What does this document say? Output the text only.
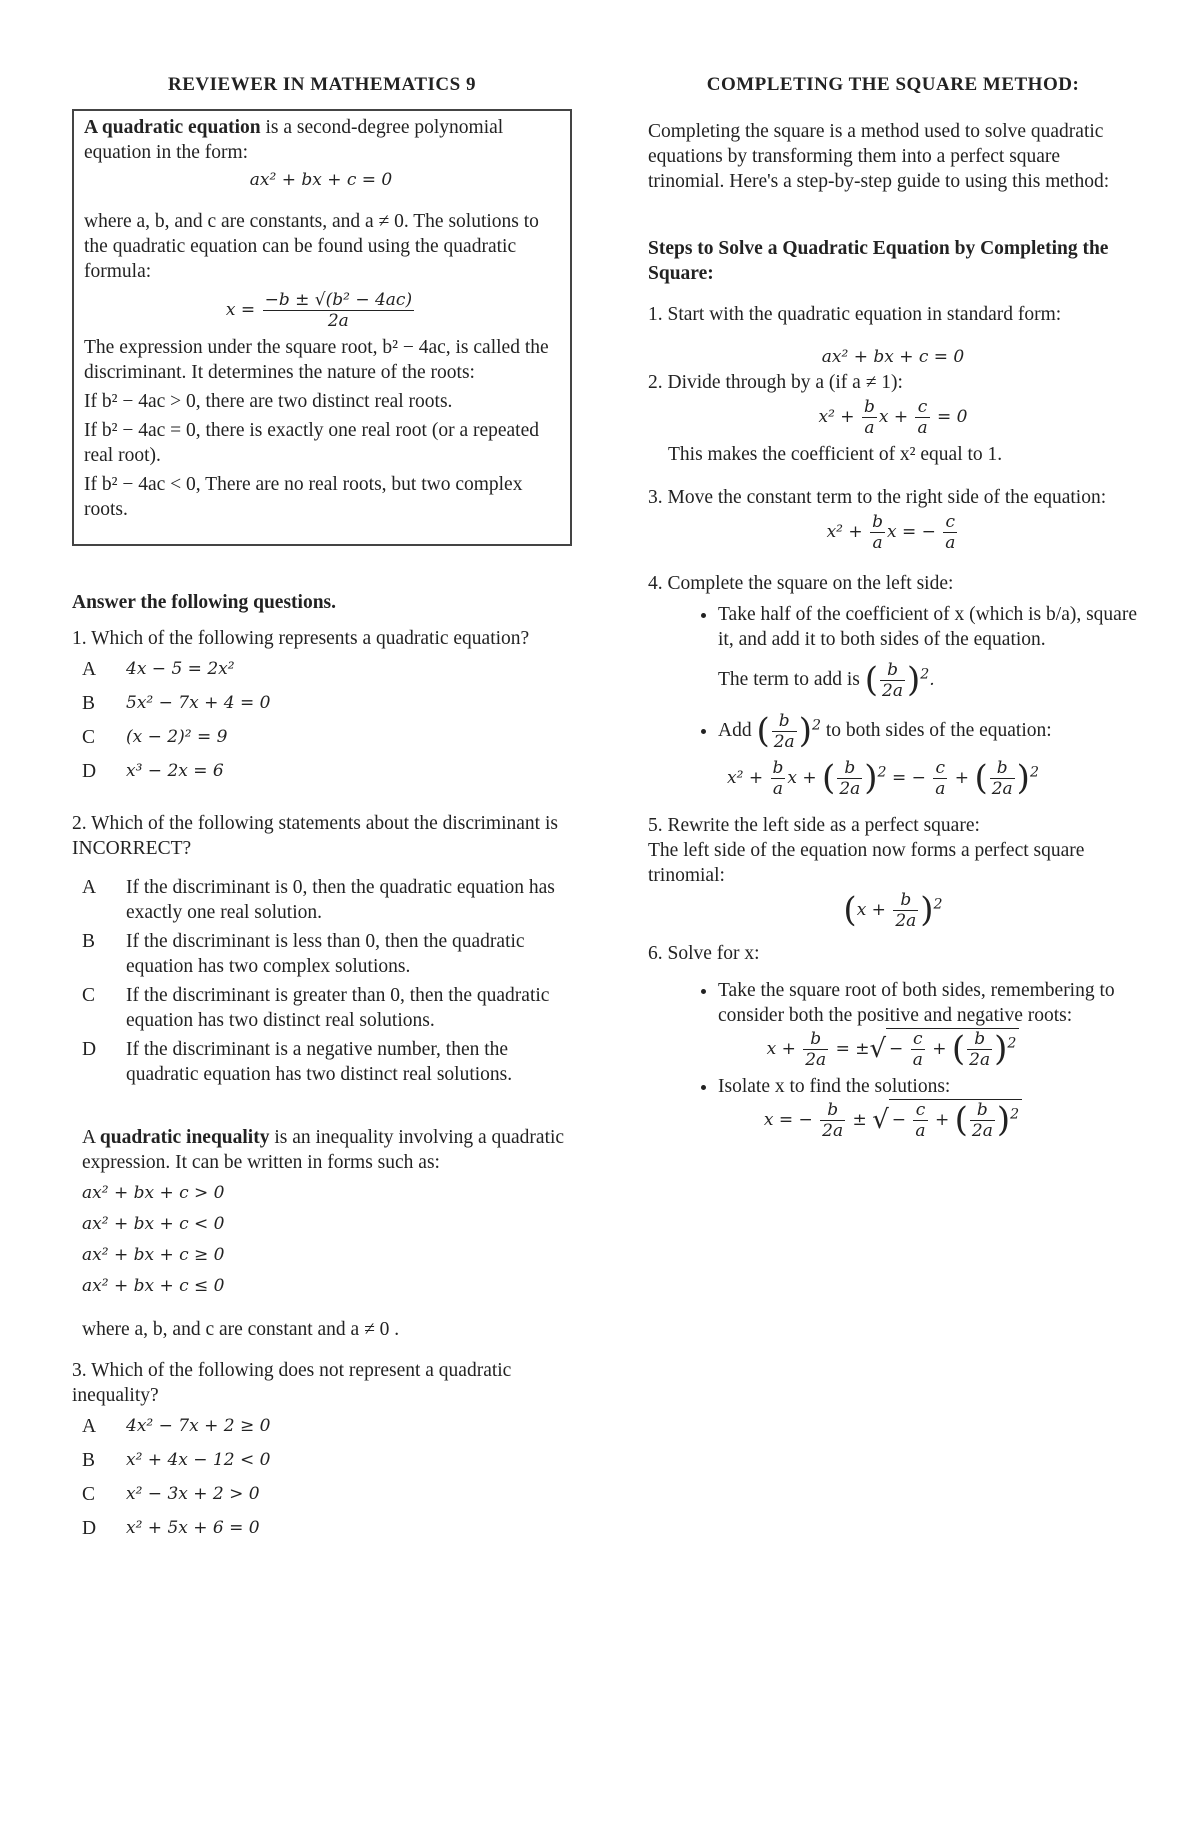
REVIEWER IN MATHEMATICS 9

A quadratic equation is a second-degree polynomial equation in the form:

ax² + bx + c = 0

where a, b, and c are constants, and a ≠ 0. The solutions to the quadratic equation can be found using the quadratic formula:

$x = \frac{\text{−b ± √(b² − 4ac)}}{2a}$

The expression under the square root, b² − 4ac, is called the discriminant. It determines the nature of the roots:

If b² − 4ac > 0, there are two distinct real roots.

If b² − 4ac = 0, there is exactly one real root (or a repeated real root).

If b² − 4ac < 0, There are no real roots, but two complex roots.

Answer the following questions.

1. Which of the following represents a quadratic equation?

A	4x − 5 = 2x²
B	5x² − 7x + 4 = 0
C	(x − 2)² = 9
D	x³ − 2x = 6

2. Which of the following statements about the discriminant is INCORRECT?

A	If the discriminant is 0, then the quadratic equation has exactly one real solution.
B	If the discriminant is less than 0, then the quadratic equation has two complex solutions.
C	If the discriminant is greater than 0, then the quadratic equation has two distinct real solutions.
D	If the discriminant is a negative number, then the quadratic equation has two distinct real solutions.

A quadratic inequality is an inequality involving a quadratic expression. It can be written in forms such as:

ax² + bx + c > 0

ax² + bx + c < 0

ax² + bx + c ≥ 0

ax² + bx + c ≤ 0

where a, b, and c are constant and a ≠ 0 .

3. Which of the following does not represent a quadratic inequality?

A	4x² − 7x + 2 ≥ 0
B	x² + 4x − 12 < 0
C	x² − 3x + 2 > 0
D	x² + 5x + 6 = 0
COMPLETING THE SQUARE METHOD:

Completing the square is a method used to solve quadratic equations by transforming them into a perfect square trinomial. Here's a step-by-step guide to using this method:

Steps to Solve a Quadratic Equation by Completing the Square:

1. Start with the quadratic equation in standard form:

ax² + bx + c = 0

2. Divide through by a (if a ≠ 1):

$x^2 + \frac{b}{a}$ $x + \frac{c}{a} = 0$

This makes the coefficient of x² equal to 1.

3. Move the constant term to the right side of the equation:

$x^2 + \frac{b}{a}$ x = − $\frac{c}{a}$

4. Complete the square on the left side:

• Take half of the coefficient of x (which is b/a), square it, and add it to both sides of the equation.
The term to add is ( $\frac{b}{2a} )^2$.
• Add ( $\frac{b}{2a} )^2$ to both sides of the equation:
$x^2 + \frac{b}{a}$ x + ( $\frac{b}{2a} )^2$ = − $\frac{c}{a}$ + ( $\frac{b}{2a} )^2$

5. Rewrite the left side as a perfect square:

The left side of the equation now forms a perfect square trinomial:

$(x + \frac{b}{2a} )^2$

6. Solve for x:

• Take the square root of both sides, remembering to consider both the positive and negative roots:
$x + \frac{b}{2a}$ = ±√ − $\frac{c}{a}$ + ( $\frac{b}{2a} )^2$
• Isolate x to find the solutions:
x = − $\frac{b}{2a}$ ± √ − $\frac{c}{a}$ + ( $\frac{b}{2a} )^2$
